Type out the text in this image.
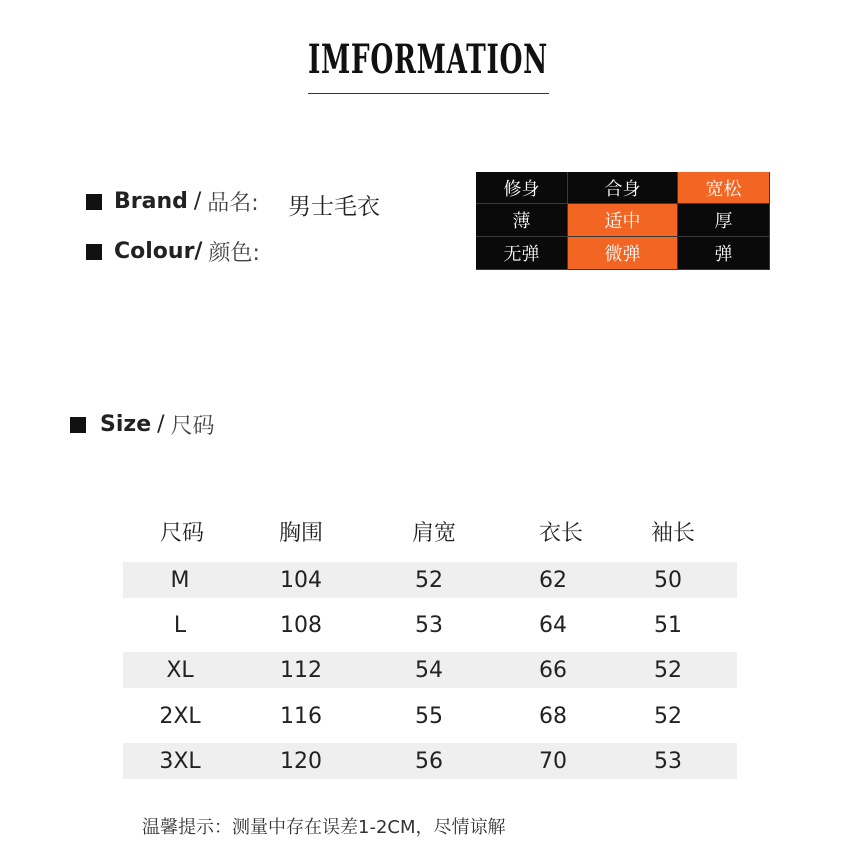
IMFORMATION
Brand / 品名: 男士毛衣
Colour/ 颜色:
修身	合身	宽松
薄	适中	厚
无弹	微弹	弹
Size / 尺码
尺码	胸围	肩宽	衣长	袖长
M	104	52	62	50
L	108	53	64	51
XL	112	54	66	52
2XL	116	55	68	52
3XL	120	56	70	53
温馨提示：测量中存在误差1-2CM，尽情谅解
